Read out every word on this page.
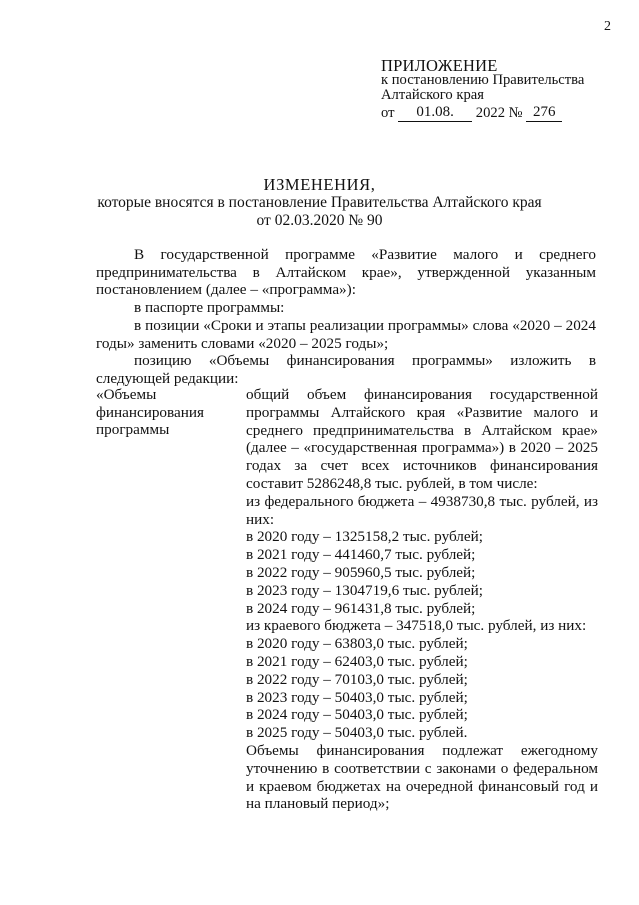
2
ПРИЛОЖЕНИЕ
к постановлению Правительства
Алтайского края
от 01.08. 2022 № 276
ИЗМЕНЕНИЯ,
которые вносятся в постановление Правительства Алтайского края
от 02.03.2020 № 90
В государственной программе «Развитие малого и среднего предпринимательства в Алтайском крае», утвержденной указанным постановлением (далее – «программа»):
в паспорте программы:
в позиции «Сроки и этапы реализации программы» слова «2020 – 2024 годы» заменить словами «2020 – 2025 годы»;
позицию «Объемы финансирования программы» изложить в следующей редакции:
«Объемы финансирования программы
общий объем финансирования государственной программы Алтайского края «Развитие малого и среднего предпринимательства в Алтайском крае» (далее – «государственная программа») в 2020 – 2025 годах за счет всех источников финансирования составит 5286248,8 тыс. рублей, в том числе:
из федерального бюджета – 4938730,8 тыс. рублей, из них:
в 2020 году – 1325158,2 тыс. рублей;
в 2021 году – 441460,7 тыс. рублей;
в 2022 году – 905960,5 тыс. рублей;
в 2023 году – 1304719,6 тыс. рублей;
в 2024 году – 961431,8 тыс. рублей;
из краевого бюджета – 347518,0 тыс. рублей, из них:
в 2020 году – 63803,0 тыс. рублей;
в 2021 году – 62403,0 тыс. рублей;
в 2022 году – 70103,0 тыс. рублей;
в 2023 году – 50403,0 тыс. рублей;
в 2024 году – 50403,0 тыс. рублей;
в 2025 году – 50403,0 тыс. рублей.
Объемы финансирования подлежат ежегодному уточнению в соответствии с законами о федеральном и краевом бюджетах на очередной финансовый год и на плановый период»;
